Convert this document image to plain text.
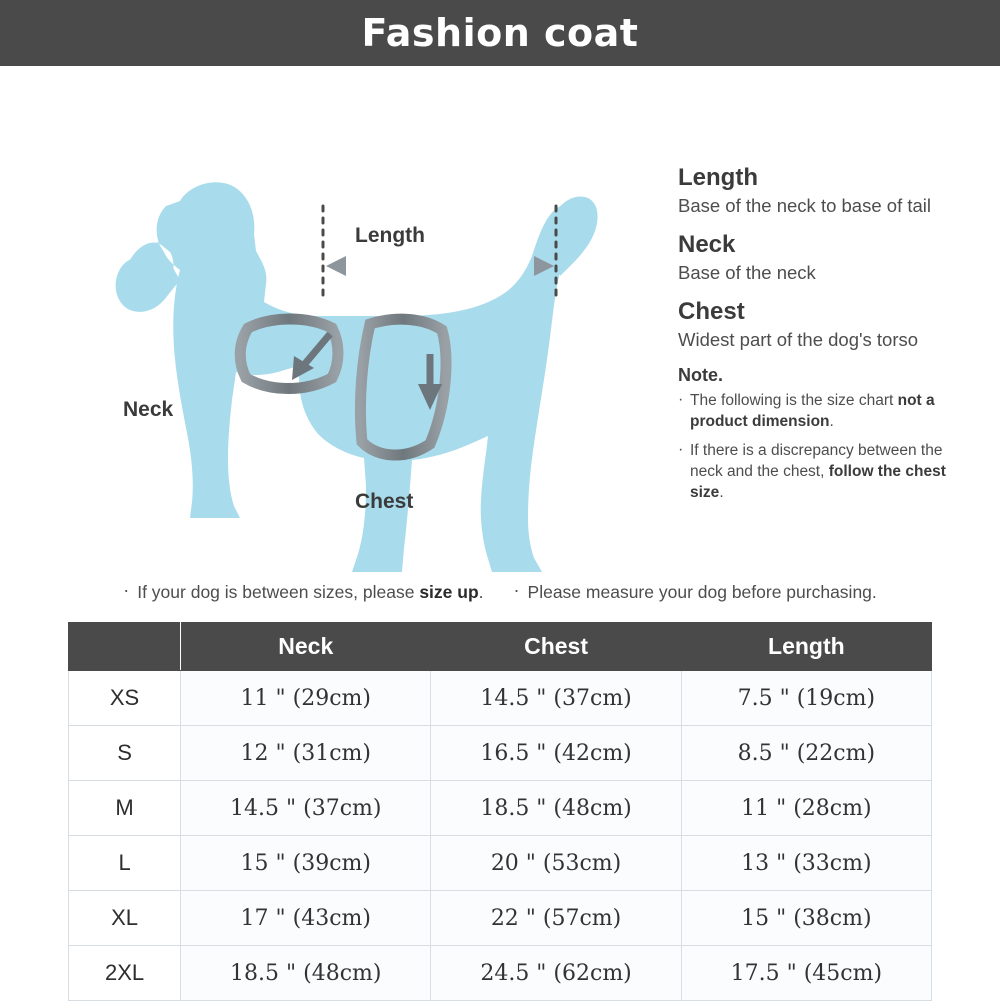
Fashion coat
Length
Neck
Chest
Length
Base of the neck to base of tail
Neck
Base of the neck
Chest
Widest part of the dog's torso
Note.
· The following is the size chart not a product dimension.
· If there is a discrepancy between the neck and the chest, follow the chest size.
· If your dog is between sizes, please size up.	· Please measure your dog before purchasing.
	Neck	Chest	Length
XS	11 " (29cm)	14.5 " (37cm)	7.5 " (19cm)
S	12 " (31cm)	16.5 " (42cm)	8.5 " (22cm)
M	14.5 " (37cm)	18.5 " (48cm)	11 " (28cm)
L	15 " (39cm)	20 " (53cm)	13 " (33cm)
XL	17 " (43cm)	22 " (57cm)	15 " (38cm)
2XL	18.5 " (48cm)	24.5 " (62cm)	17.5 " (45cm)
